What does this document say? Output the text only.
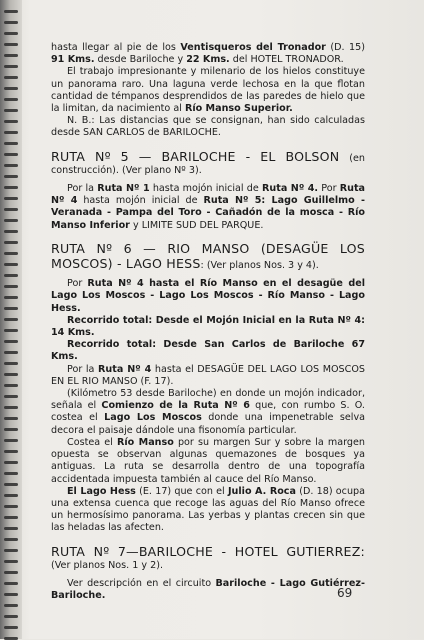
hasta llegar al pie de los Ventisqueros del Tronador (D. 15) 91 Kms. desde Bariloche y 22 Kms. del HOTEL TRONADOR.

El trabajo impresionante y milenario de los hielos constituye un panorama raro. Una laguna verde lechosa en la que flotan cantidad de témpanos desprendidos de las paredes de hielo que la limitan, da nacimiento al Río Manso Superior.

N. B.: Las distancias que se consignan, han sido calculadas desde SAN CARLOS de BARILOCHE.

RUTA Nº 5 — BARILOCHE - EL BOLSON (en construcción). (Ver plano Nº 3).

Por la Ruta Nº 1 hasta mojón inicial de Ruta Nº 4. Por Ruta Nº 4 hasta mojón inicial de Ruta Nº 5: Lago Guillelmo - Veranada - Pampa del Toro - Cañadón de la mosca - Río Manso Inferior y LIMITE SUD DEL PARQUE.

RUTA Nº 6 — RIO MANSO (DESAGÜE LOS MOSCOS) - LAGO HESS: (Ver planos Nos. 3 y 4).

Por Ruta Nº 4 hasta el Río Manso en el desagüe del Lago Los Moscos - Lago Los Moscos - Río Manso - Lago Hess.

Recorrido total: Desde el Mojón Inicial en la Ruta Nº 4: 14 Kms.

Recorrido total: Desde San Carlos de Bariloche 67 Kms.

Por la Ruta Nº 4 hasta el DESAGÜE DEL LAGO LOS MOSCOS EN EL RIO MANSO (F. 17).

(Kilómetro 53 desde Bariloche) en donde un mojón indicador, señala el Comienzo de la Ruta Nº 6 que, con rumbo S. O. costea el Lago Los Moscos donde una impenetrable selva decora el paisaje dándole una fisonomía particular.

Costea el Río Manso por su margen Sur y sobre la margen opuesta se observan algunas quemazones de bosques ya antiguas. La ruta se desarrolla dentro de una topografía accidentada impuesta también al cauce del Río Manso.

El Lago Hess (E. 17) que con el Julio A. Roca (D. 18) ocupa una extensa cuenca que recoge las aguas del Río Manso ofrece un hermosísimo panorama. Las yerbas y plantas crecen sin que las heladas las afecten.

RUTA Nº 7—BARILOCHE - HOTEL GUTIERREZ: (Ver planos Nos. 1 y 2).

Ver descripción en el circuito Bariloche - Lago Gutiérrez-Bariloche.	69
